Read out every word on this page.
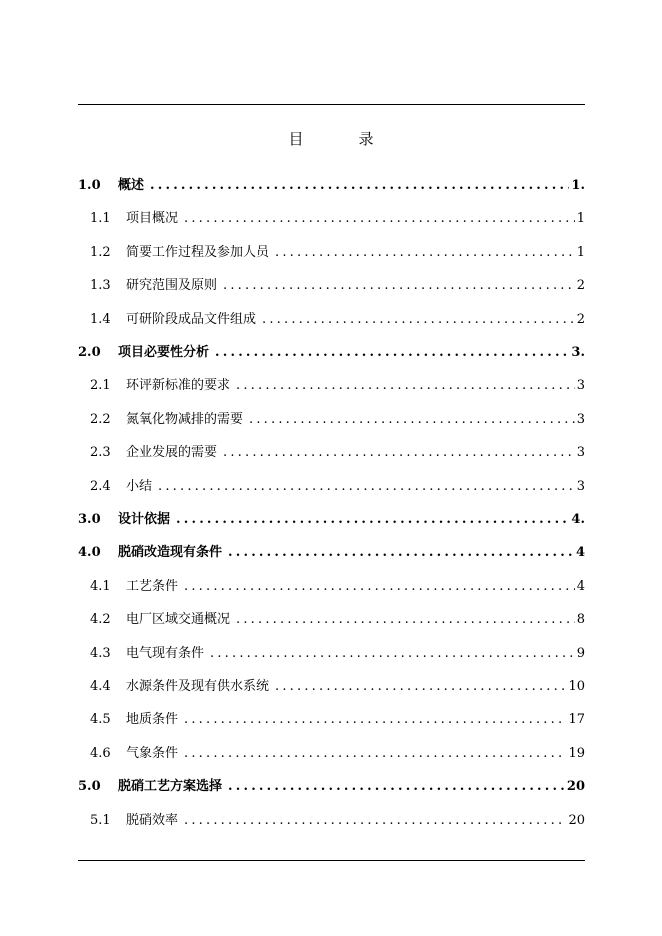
目	录
1.0	概述 .....	1.
1.1	项目概况 .....	1
1.2	简要工作过程及参加人员 .....	1
1.3	研究范围及原则 .....	2
1.4	可研阶段成品文件组成 .....	2
2.0	项目必要性分析 .....	3.
2.1	环评新标准的要求 .....	3
2.2	氮氧化物减排的需要 .....	3
2.3	企业发展的需要 .....	3
2.4	小结 .....	3
3.0	设计依据 .....	4.
4.0	脱硝改造现有条件 .....	4
4.1	工艺条件 .....	4
4.2	电厂区域交通概况 .....	8
4.3	电气现有条件 .....	9
4.4	水源条件及现有供水系统 .....	10
4.5	地质条件 .....	17
4.6	气象条件 .....	19
5.0	脱硝工艺方案选择 .....	20
5.1	脱硝效率 .....	20
